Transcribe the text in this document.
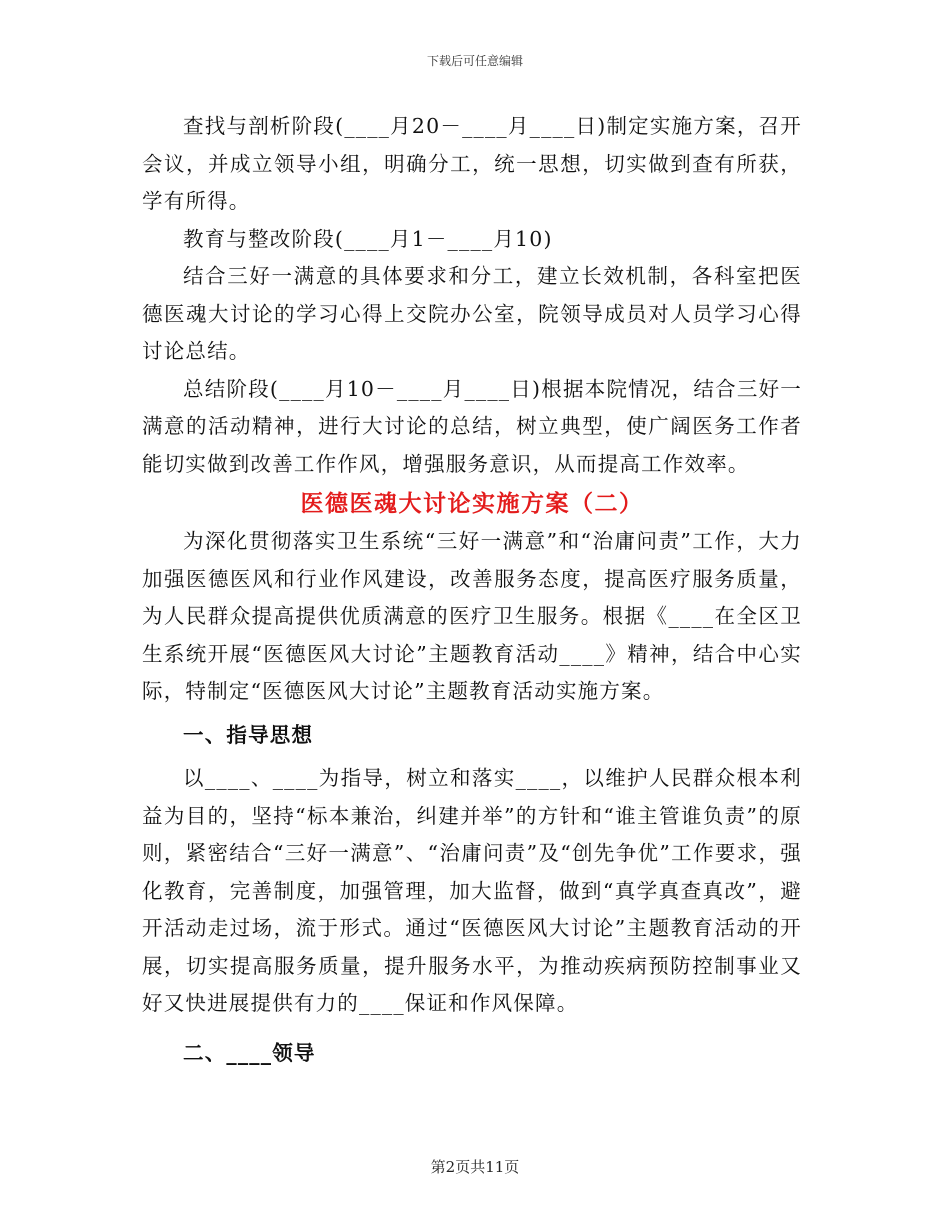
下载后可任意编辑

查找与剖析阶段(____月20－____月____日)制定实施方案，召开会议，并成立领导小组，明确分工，统一思想，切实做到查有所获，学有所得。

教育与整改阶段(____月1－____月10)

结合三好一满意的具体要求和分工，建立长效机制，各科室把医德医魂大讨论的学习心得上交院办公室，院领导成员对人员学习心得讨论总结。

总结阶段(____月10－____月____日)根据本院情况，结合三好一满意的活动精神，进行大讨论的总结，树立典型，使广阔医务工作者能切实做到改善工作作风，增强服务意识，从而提高工作效率。

医德医魂大讨论实施方案（二）

为深化贯彻落实卫生系统“三好一满意”和“治庸问责”工作，大力加强医德医风和行业作风建设，改善服务态度，提高医疗服务质量，为人民群众提高提供优质满意的医疗卫生服务。根据《____在全区卫生系统开展“医德医风大讨论”主题教育活动____》精神，结合中心实际，特制定“医德医风大讨论”主题教育活动实施方案。

一、指导思想

以____、____为指导，树立和落实____，以维护人民群众根本利益为目的，坚持“标本兼治，纠建并举”的方针和“谁主管谁负责”的原则，紧密结合“三好一满意”、“治庸问责”及“创先争优”工作要求，强化教育，完善制度，加强管理，加大监督，做到“真学真查真改”，避开活动走过场，流于形式。通过“医德医风大讨论”主题教育活动的开展，切实提高服务质量，提升服务水平，为推动疾病预防控制事业又好又快进展提供有力的____保证和作风保障。

二、____领导
第2页共11页
